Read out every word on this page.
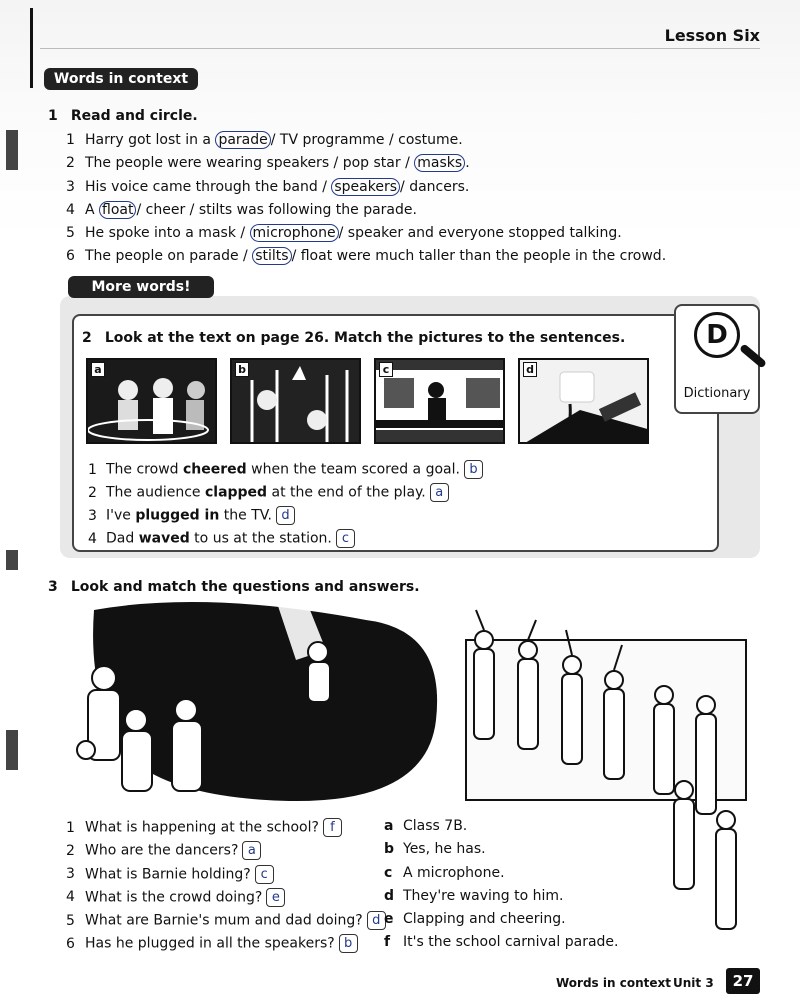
Lesson Six
Words in context
1 Read and circle.
1 Harry got lost in a parade / TV programme / costume.
2 The people were wearing speakers / pop star / masks .
3 His voice came through the band / speakers / dancers.
4 A float / cheer / stilts was following the parade.
5 He spoke into a mask / microphone / speaker and everyone stopped talking.
6 The people on parade / stilts / float were much taller than the people in the crowd.
2 Look at the text on page 26. Match the pictures to the sentences.
a	b	c	d
1 The crowd cheered when the team scored a goal. b
2 The audience clapped at the end of the play. a
3 I've plugged in the TV. d
4 Dad waved to us at the station. c
D
Dictionary
More words!
3 Look and match the questions and answers.
1 What is happening at the school? f
2 Who are the dancers? a
3 What is Barnie holding? c
4 What is the crowd doing? e
5 What are Barnie's mum and dad doing? d
6 Has he plugged in all the speakers? b
a Class 7B.
b Yes, he has.
c A microphone.
d They're waving to him.
e Clapping and cheering.
f It's the school carnival parade.
Words in context Unit 3	27
